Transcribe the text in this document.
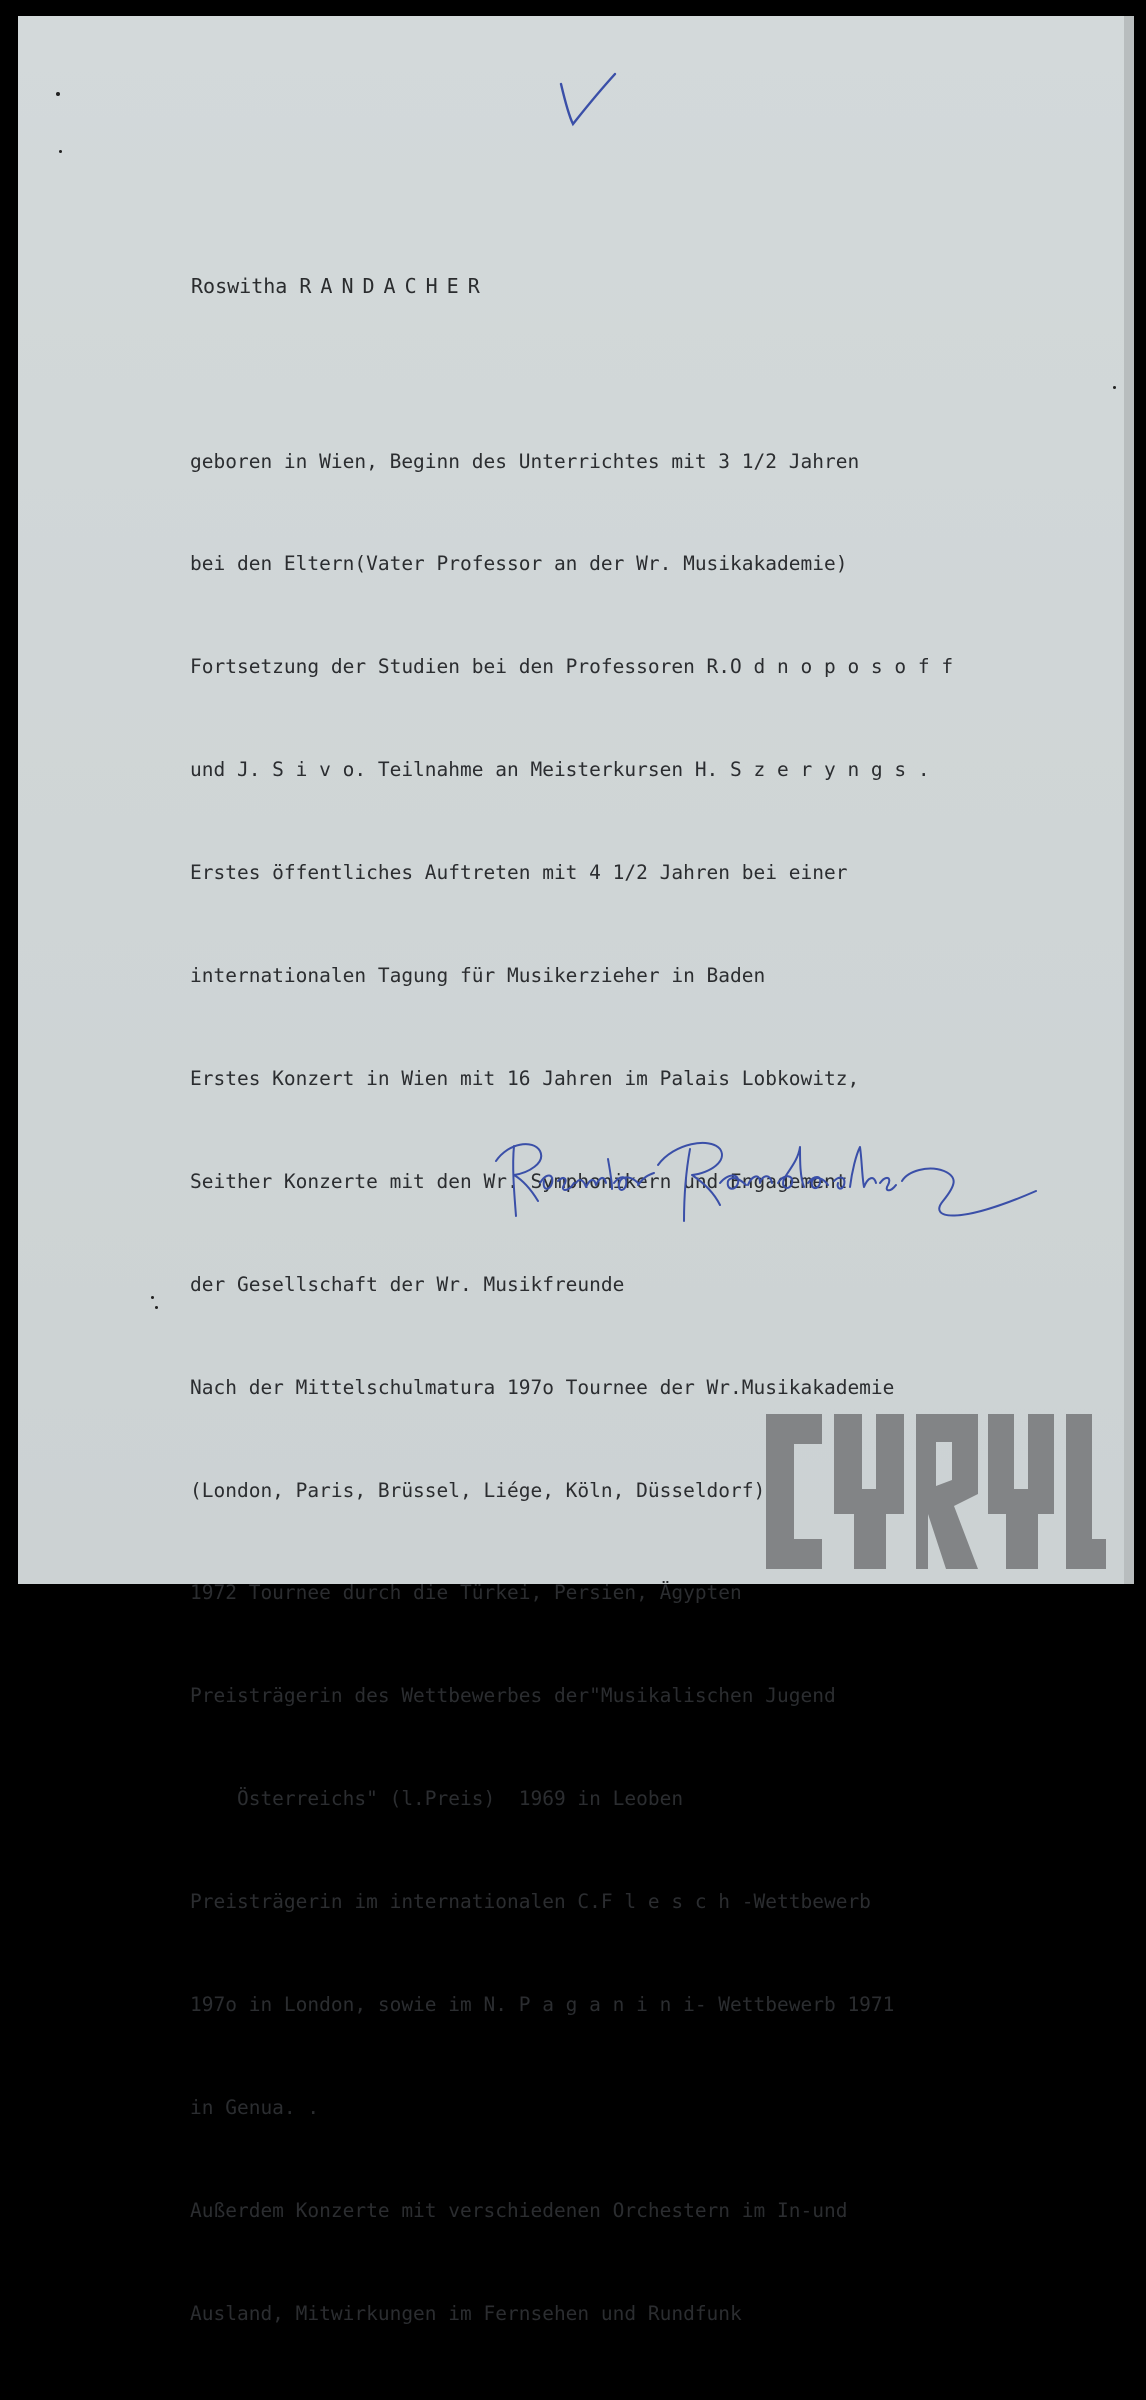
Roswitha RANDACHER

geboren in Wien, Beginn des Unterrichtes mit 3 1/2 Jahren

bei den Eltern(Vater Professor an der Wr. Musikakademie)

Fortsetzung der Studien bei den Professoren R.O d n o p o s o f f

und J. S i v o. Teilnahme an Meisterkursen H. S z e r y n g s .

Erstes öffentliches Auftreten mit 4 1/2 Jahren bei einer

internationalen Tagung für Musikerzieher in Baden

Erstes Konzert in Wien mit 16 Jahren im Palais Lobkowitz,

Seither Konzerte mit den Wr. Symphonikern und Engagement

der Gesellschaft der Wr. Musikfreunde

Nach der Mittelschulmatura 197o Tournee der Wr.Musikakademie

(London, Paris, Brüssel, Liége, Köln, Düsseldorf)

1972 Tournee durch die Türkei, Persien, Ägypten

Preisträgerin des Wettbewerbes der"Musikalischen Jugend

Österreichs" (l.Preis)  1969 in Leoben

Preisträgerin im internationalen C.F l e s c h -Wettbewerb

197o in London, sowie im N. P a g a n i n i- Wettbewerb 1971

in Genua. .

Außerdem Konzerte mit verschiedenen Orchestern im In-und

Ausland, Mitwirkungen im Fernsehen und Rundfunk
